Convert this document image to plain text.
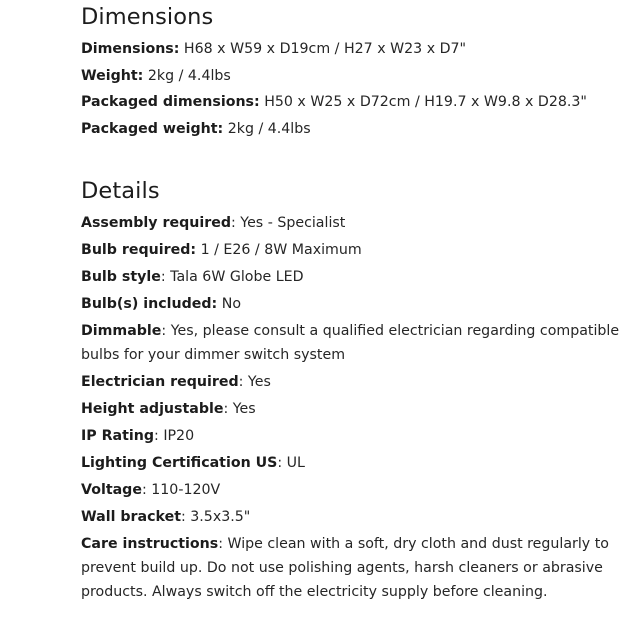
Dimensions

Dimensions: H68 x W59 x D19cm / H27 x W23 x D7"

Weight: 2kg / 4.4lbs

Packaged dimensions: H50 x W25 x D72cm / H19.7 x W9.8 x D28.3"

Packaged weight: 2kg / 4.4lbs

Details

Assembly required: Yes - Specialist

Bulb required: 1 / E26 / 8W Maximum

Bulb style: Tala 6W Globe LED

Bulb(s) included: No

Dimmable: Yes, please consult a qualified electrician regarding compatible bulbs for your dimmer switch system

Electrician required: Yes

Height adjustable: Yes

IP Rating: IP20

Lighting Certification US: UL

Voltage: 110-120V

Wall bracket: 3.5x3.5"

Care instructions: Wipe clean with a soft, dry cloth and dust regularly to prevent build up. Do not use polishing agents, harsh cleaners or abrasive products. Always switch off the electricity supply before cleaning.
